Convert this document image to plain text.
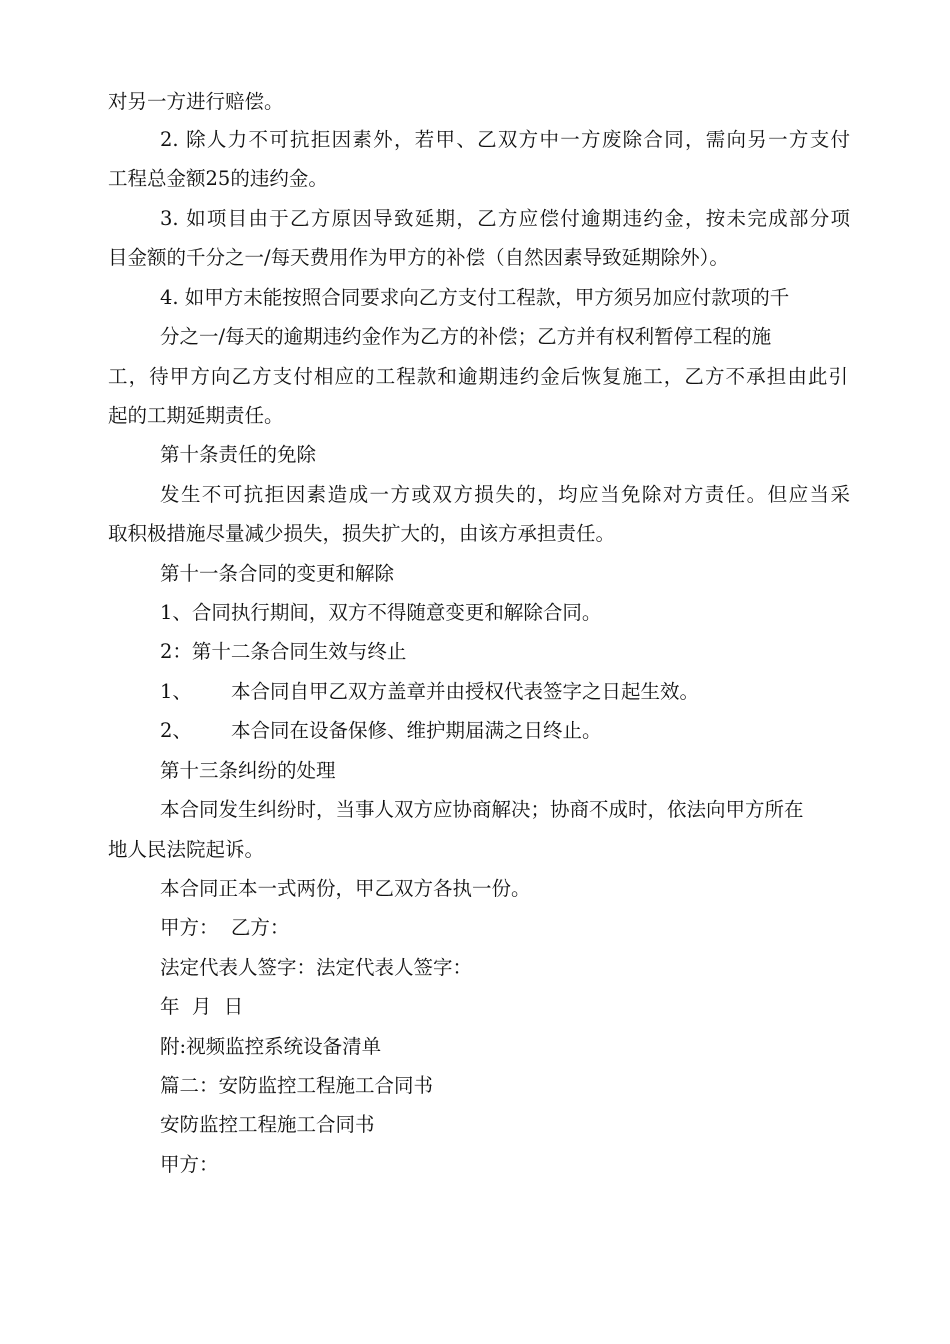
对另一方进行赔偿。
2. 除人力不可抗拒因素外，若甲、乙双方中一方废除合同，需向另一方支付
工程总金额25的违约金。
3. 如项目由于乙方原因导致延期，乙方应偿付逾期违约金，按未完成部分项
目金额的千分之一/每天费用作为甲方的补偿（自然因素导致延期除外）。
4. 如甲方未能按照合同要求向乙方支付工程款，甲方须另加应付款项的千
分之一/每天的逾期违约金作为乙方的补偿；乙方并有权利暂停工程的施
工，待甲方向乙方支付相应的工程款和逾期违约金后恢复施工，乙方不承担由此引
起的工期延期责任。
第十条责任的免除
发生不可抗拒因素造成一方或双方损失的，均应当免除对方责任。但应当采
取积极措施尽量减少损失，损失扩大的，由该方承担责任。
第十一条合同的变更和解除
1、合同执行期间，双方不得随意变更和解除合同。
2：第十二条合同生效与终止
1、 本合同自甲乙双方盖章并由授权代表签字之日起生效。
2、 本合同在设备保修、维护期届满之日终止。
第十三条纠纷的处理
本合同发生纠纷时，当事人双方应协商解决；协商不成时，依法向甲方所在
地人民法院起诉。
本合同正本一式两份，甲乙双方各执一份。
甲方：  乙方：
法定代表人签字：法定代表人签字：
年  月  日
附:视频监控系统设备清单
篇二：安防监控工程施工合同书
安防监控工程施工合同书
甲方：
